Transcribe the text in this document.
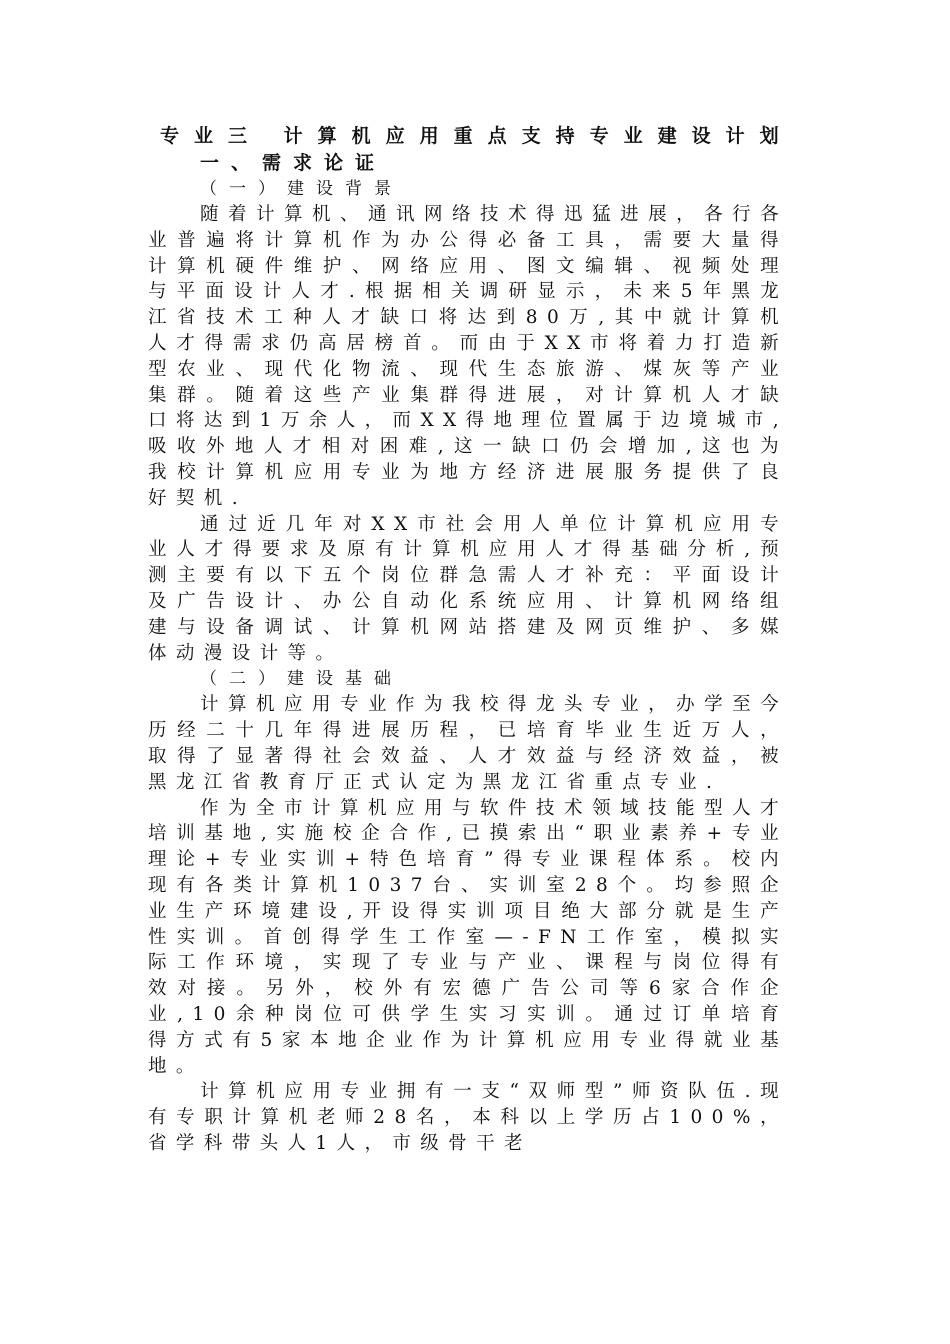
专业三 计算机应用重点支持专业建设计划

一、需求论证

（一）建设背景

随着计算机、通讯网络技术得迅猛进展，各行各业普遍将计算机作为办公得必备工具，需要大量得计算机硬件维护、网络应用、图文编辑、视频处理与平面设计人才.根据相关调研显示，未来5年黑龙江省技术工种人才缺口将达到80万,其中就计算机人才得需求仍高居榜首。而由于XX市将着力打造新型农业、现代化物流、现代生态旅游、煤灰等产业集群。随着这些产业集群得进展，对计算机人才缺口将达到1万余人，而XX得地理位置属于边境城市,吸收外地人才相对困难,这一缺口仍会增加,这也为我校计算机应用专业为地方经济进展服务提供了良好契机.

通过近几年对XX市社会用人单位计算机应用专业人才得要求及原有计算机应用人才得基础分析,预测主要有以下五个岗位群急需人才补充：平面设计及广告设计、办公自动化系统应用、计算机网络组建与设备调试、计算机网站搭建及网页维护、多媒体动漫设计等。

（二）建设基础

计算机应用专业作为我校得龙头专业，办学至今历经二十几年得进展历程，已培育毕业生近万人，取得了显著得社会效益、人才效益与经济效益，被黑龙江省教育厅正式认定为黑龙江省重点专业.

作为全市计算机应用与软件技术领域技能型人才培训基地,实施校企合作,已摸索出“职业素养+专业理论+专业实训+特色培育”得专业课程体系。校内现有各类计算机1037台、实训室28个。均参照企业生产环境建设,开设得实训项目绝大部分就是生产性实训。首创得学生工作室—-FN工作室，模拟实际工作环境，实现了专业与产业、课程与岗位得有效对接。另外，校外有宏德广告公司等6家合作企业,10余种岗位可供学生实习实训。通过订单培育得方式有5家本地企业作为计算机应用专业得就业基地。

计算机应用专业拥有一支“双师型”师资队伍.现有专职计算机老师28名，本科以上学历占100%，省学科带头人1人，市级骨干老
